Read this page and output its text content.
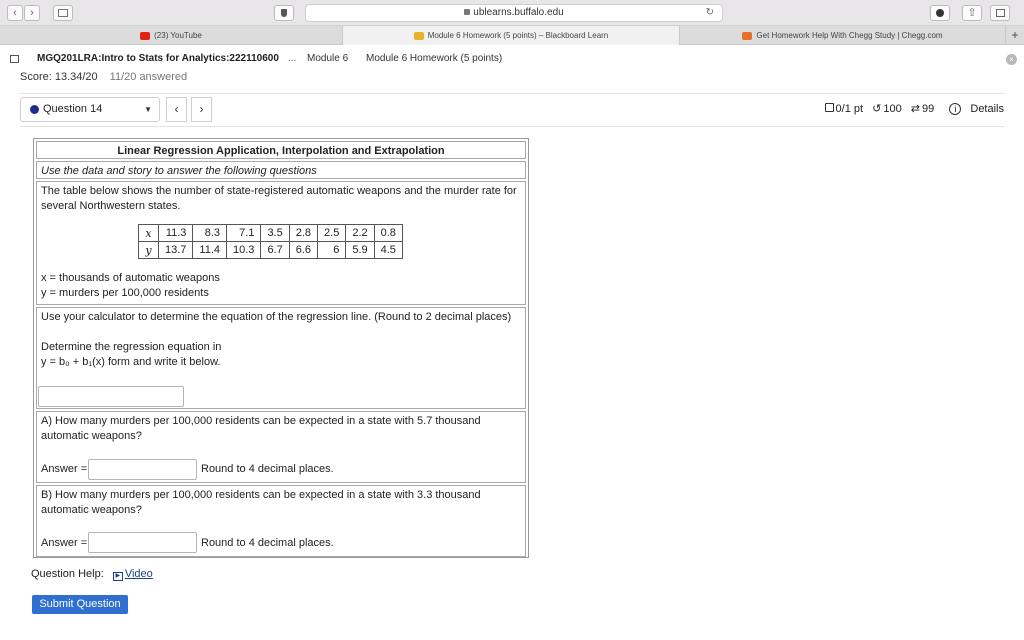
‹	›	ublearns.buffalo.edu	↻	⇧
(23) YouTube	Module 6 Homework (5 points) – Blackboard Learn	Get Homework Help With Chegg Study | Chegg.com	+
MGQ201LRA:Intro to Stats for Analytics:222110600 ... Module 6 Module 6 Homework (5 points)	×
Score: 13.34/20 11/20 answered
Question 14	▼	‹	›	0/1 pt ↺ 100 ⇄ 99 i Details
Linear Regression Application, Interpolation and Extrapolation
Use the data and story to answer the following questions
The table below shows the number of state-registered automatic weapons and the murder rate for several Northwestern states.
x = thousands of automatic weapons
y = murders per 100,000 residents
x	11.3	8.3	7.1	3.5	2.8	2.5	2.2	0.8
y	13.7	11.4	10.3	6.7	6.6	6	5.9	4.5
Use your calculator to determine the equation of the regression line. (Round to 2 decimal places)
Determine the regression equation in
y = b₀ + b₁(x) form and write it below.
A) How many murders per 100,000 residents can be expected in a state with 5.7 thousand automatic weapons?
Answer =	Round to 4 decimal places.
B) How many murders per 100,000 residents can be expected in a state with 3.3 thousand automatic weapons?
Answer =	Round to 4 decimal places.
Question Help: ▶ Video
Submit Question
